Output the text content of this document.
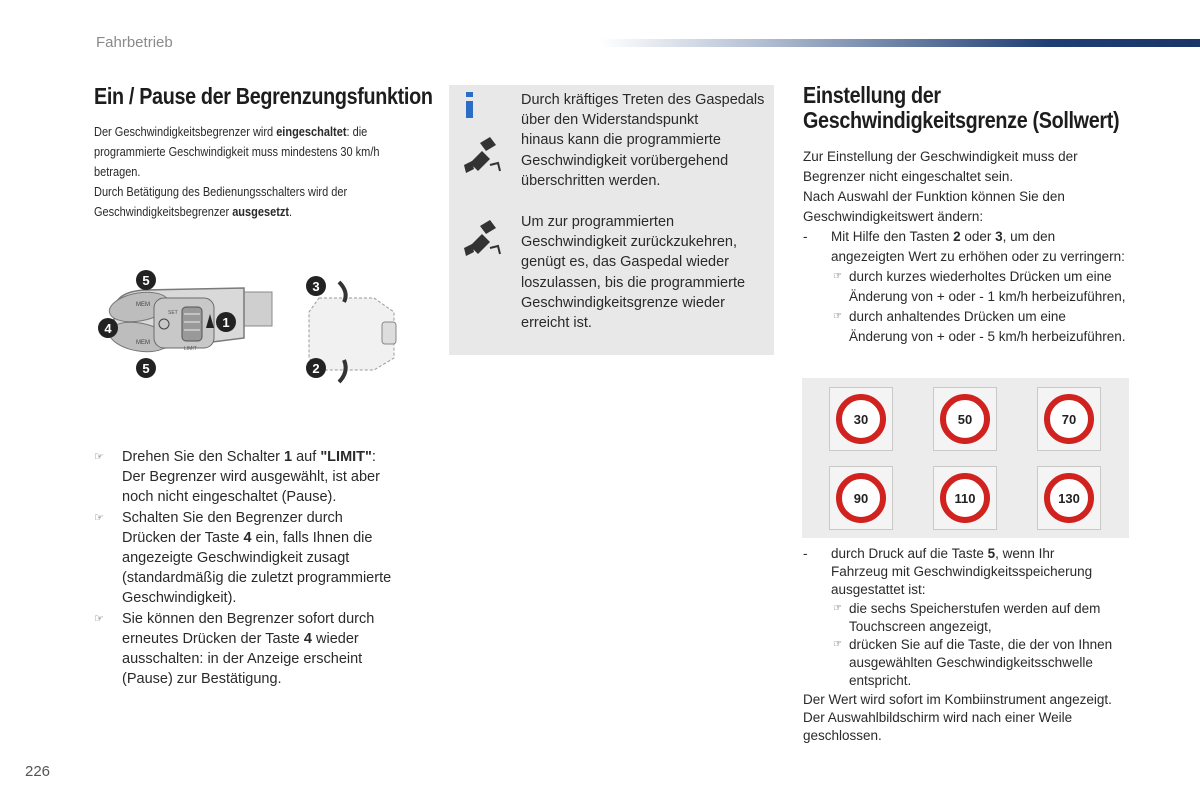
Fahrbetrieb
Ein / Pause der Begrenzungsfunktion
Der Geschwindigkeitsbegrenzer wird eingeschaltet: die
programmierte Geschwindigkeit muss mindestens 30 km/h betragen.
Durch Betätigung des Bedienungsschalters wird der
Geschwindigkeitsbegrenzer ausgesetzt.
MEM
MEM
SET
LIMIT
5
4
5
1
3
2
☞ Drehen Sie den Schalter 1 auf "LIMIT":
Der Begrenzer wird ausgewählt, ist aber
noch nicht eingeschaltet (Pause).
☞ Schalten Sie den Begrenzer durch
Drücken der Taste 4 ein, falls Ihnen die
angezeigte Geschwindigkeit zusagt
(standardmäßig die zuletzt programmierte
Geschwindigkeit).
☞ Sie können den Begrenzer sofort durch
erneutes Drücken der Taste 4 wieder
ausschalten: in der Anzeige erscheint
(Pause) zur Bestätigung.
Durch kräftiges Treten des Gaspedals
über den Widerstandspunkt
hinaus kann die programmierte
Geschwindigkeit vorübergehend
überschritten werden.
Um zur programmierten
Geschwindigkeit zurückzukehren,
genügt es, das Gaspedal wieder
loszulassen, bis die programmierte
Geschwindigkeitsgrenze wieder
erreicht ist.
Einstellung der
Geschwindigkeitsgrenze (Sollwert)
Zur Einstellung der Geschwindigkeit muss der
Begrenzer nicht eingeschaltet sein.
Nach Auswahl der Funktion können Sie den
Geschwindigkeitswert ändern:
- Mit Hilfe den Tasten 2 oder 3, um den
angezeigten Wert zu erhöhen oder zu verringern:
☞ durch kurzes wiederholtes Drücken um eine
Änderung von + oder - 1 km/h herbeizuführen,
☞ durch anhaltendes Drücken um eine
Änderung von + oder - 5 km/h herbeizuführen.
30	50	70
90	110	130
- durch Druck auf die Taste 5, wenn Ihr
Fahrzeug mit Geschwindigkeitsspeicherung
ausgestattet ist:
☞ die sechs Speicherstufen werden auf dem
Touchscreen angezeigt,
☞ drücken Sie auf die Taste, die der von Ihnen
ausgewählten Geschwindigkeitsschwelle
entspricht.
Der Wert wird sofort im Kombiinstrument angezeigt.
Der Auswahlbildschirm wird nach einer Weile
geschlossen.
226
